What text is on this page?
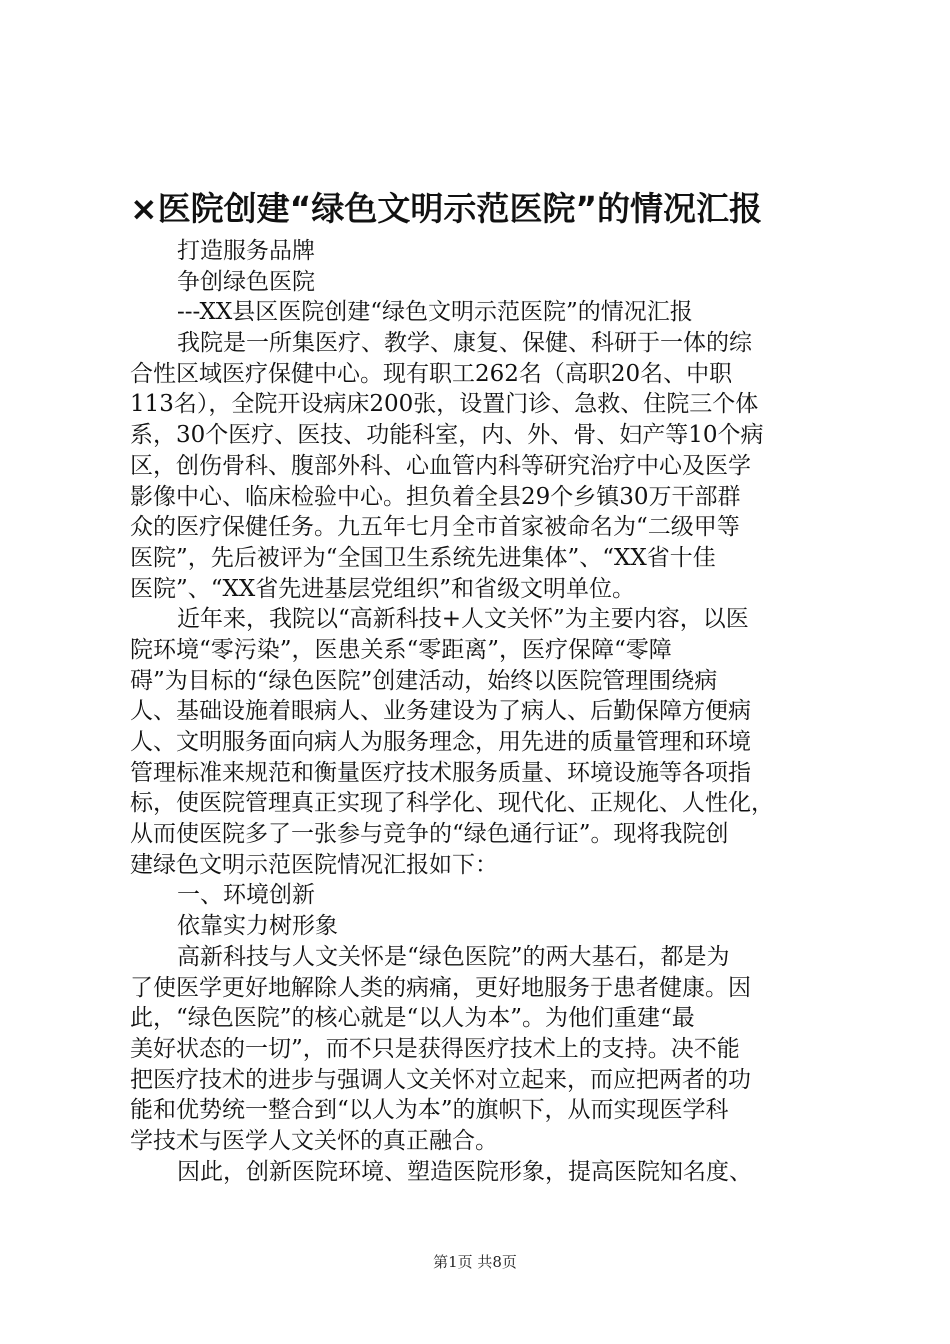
×医院创建“绿色文明示范医院”的情况汇报
打造服务品牌
争创绿色医院
---XX县区医院创建“绿色文明示范医院”的情况汇报
我院是一所集医疗、教学、康复、保健、科研于一体的综
合性区域医疗保健中心。现有职工262名（高职20名、中职
113名），全院开设病床200张，设置门诊、急救、住院三个体
系，30个医疗、医技、功能科室，内、外、骨、妇产等10个病
区，创伤骨科、腹部外科、心血管内科等研究治疗中心及医学
影像中心、临床检验中心。担负着全县29个乡镇30万干部群
众的医疗保健任务。九五年七月全市首家被命名为“二级甲等
医院”，先后被评为“全国卫生系统先进集体”、“XX省十佳
医院”、“XX省先进基层党组织”和省级文明单位。
近年来，我院以“高新科技+人文关怀”为主要内容，以医
院环境“零污染”，医患关系“零距离”，医疗保障“零障
碍”为目标的“绿色医院”创建活动，始终以医院管理围绕病
人、基础设施着眼病人、业务建设为了病人、后勤保障方便病
人、文明服务面向病人为服务理念，用先进的质量管理和环境
管理标准来规范和衡量医疗技术服务质量、环境设施等各项指
标，使医院管理真正实现了科学化、现代化、正规化、人性化，
从而使医院多了一张参与竞争的“绿色通行证”。现将我院创
建绿色文明示范医院情况汇报如下：
一、环境创新
依靠实力树形象
高新科技与人文关怀是“绿色医院”的两大基石，都是为
了使医学更好地解除人类的病痛，更好地服务于患者健康。因
此，“绿色医院”的核心就是“以人为本”。为他们重建“最
美好状态的一切”，而不只是获得医疗技术上的支持。决不能
把医疗技术的进步与强调人文关怀对立起来，而应把两者的功
能和优势统一整合到“以人为本”的旗帜下，从而实现医学科
学技术与医学人文关怀的真正融合。
因此，创新医院环境、塑造医院形象，提高医院知名度、
第1页 共8页
